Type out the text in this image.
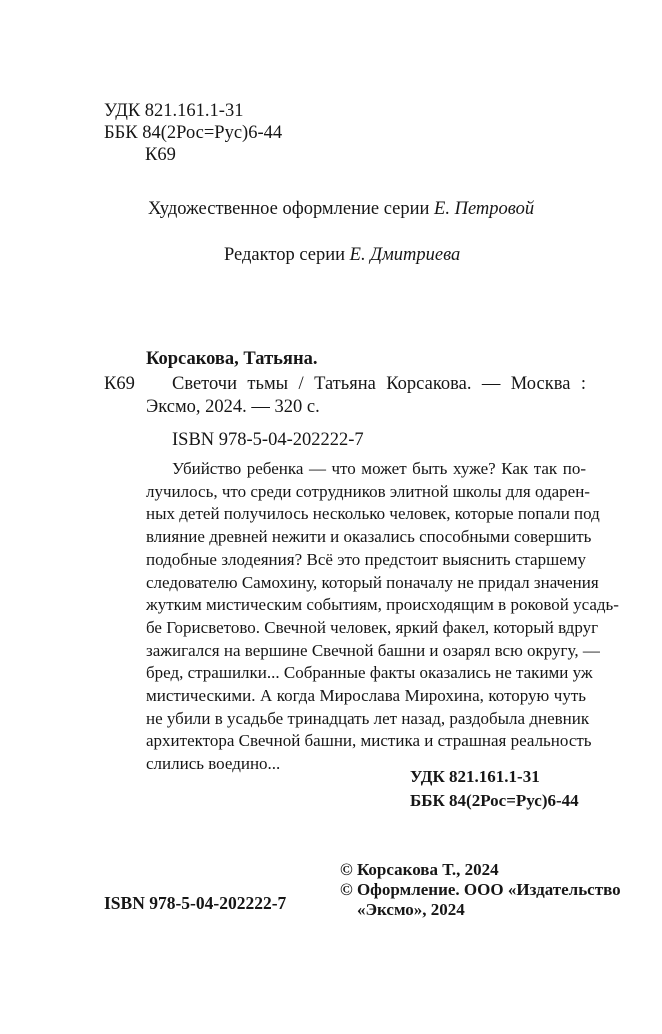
УДК 821.161.1-31
ББК 84(2Рос=Рус)6-44
К69
Художественное оформление серии Е. Петровой
Редактор серии Е. Дмитриева
Корсакова, Татьяна.
К69 Светочи тьмы / Татьяна Корсакова. — Москва :
Эксмо, 2024. — 320 с.
ISBN 978-5-04-202222-7
Убийство ребенка — что может быть хуже? Как так по-
лучилось, что среди сотрудников элитной школы для одарен-
ных детей получилось несколько человек, которые попали под
влияние древней нежити и оказались способными совершить
подобные злодеяния? Всё это предстоит выяснить старшему
следователю Самохину, который поначалу не придал значения
жутким мистическим событиям, происходящим в роковой усадь-
бе Горисветово. Свечной человек, яркий факел, который вдруг
зажигался на вершине Свечной башни и озарял всю округу, —
бред, страшилки... Собранные факты оказались не такими уж
мистическими. А когда Мирослава Мирохина, которую чуть
не убили в усадьбе тринадцать лет назад, раздобыла дневник
архитектора Свечной башни, мистика и страшная реальность
слились воедино...
УДК 821.161.1-31
ББК 84(2Рос=Рус)6-44
ISBN 978-5-04-202222-7
© Корсакова Т., 2024
© Оформление. ООО «Издательство
«Эксмо», 2024
